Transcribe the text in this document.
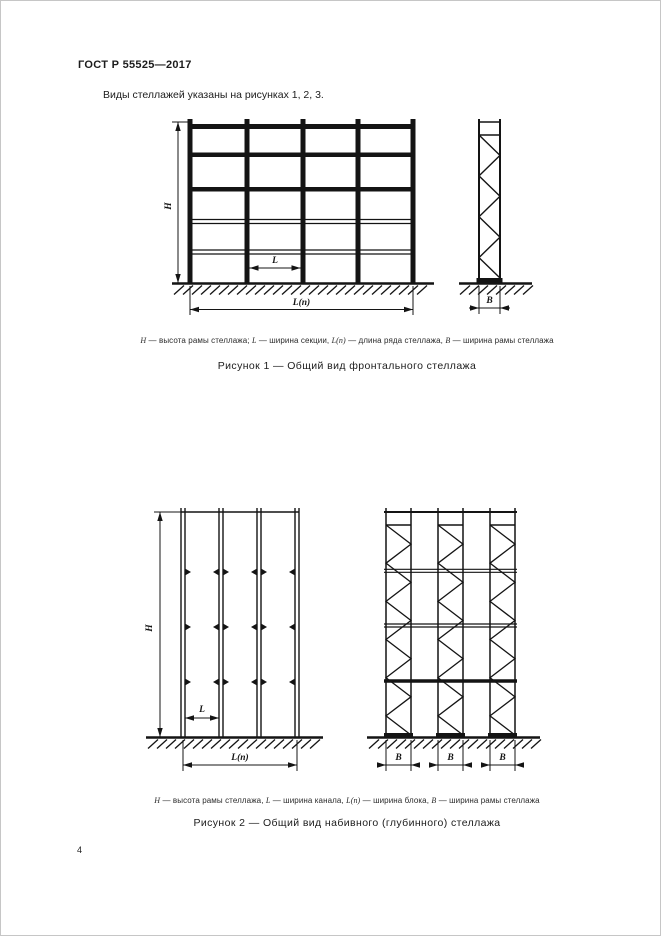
ГОСТ Р 55525—2017
Виды стеллажей указаны на рисунках 1, 2, 3.
H
L
L(п)	B
H — высота рамы стеллажа; L — ширина секции, L(п) — длина ряда стеллажа, B — ширина рамы стеллажа
Рисунок 1 — Общий вид фронтального стеллажа
H
L
L(п)	B	B	B
H — высота рамы стеллажа, L — ширина канала, L(п) — ширина блока, B — ширина рамы стеллажа
Рисунок 2 — Общий вид набивного (глубинного) стеллажа
4
